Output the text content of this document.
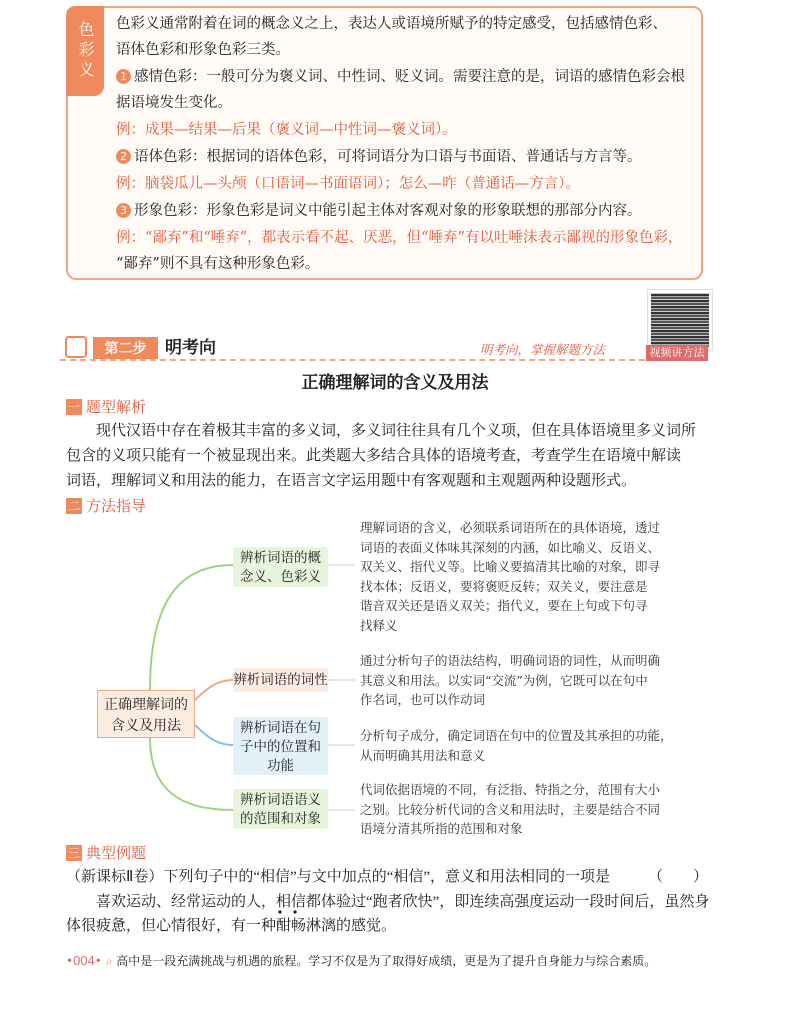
色彩义	色彩义通常附着在词的概念义之上，表达人或语境所赋予的特定感受，包括感情色彩、
语体色彩和形象色彩三类。
1 感情色彩：一般可分为褒义词、中性词、贬义词。需要注意的是，词语的感情色彩会根
据语境发生变化。
例：成果—结果—后果（褒义词—中性词—褒义词）。
2 语体色彩：根据词的语体色彩，可将词语分为口语与书面语、普通话与方言等。
例：脑袋瓜儿—头颅（口语词—书面语词）；怎么—咋（普通话—方言）。
3 形象色彩：形象色彩是词义中能引起主体对客观对象的形象联想的那部分内容。
例：“鄙弃”和“唾弃”，都表示看不起、厌恶，但“唾弃”有以吐唾沫表示鄙视的形象色彩，
“鄙弃”则不具有这种形象色彩。
第二步	明考向	明考向，掌握解题方法	视频讲方法
正确理解词的含义及用法
一 题型解析
　　现代汉语中存在着极其丰富的多义词，多义词往往具有几个义项，但在具体语境里多义词所
包含的义项只能有一个被显现出来。此类题大多结合具体的语境考查，考查学生在语境中解读
词语，理解词义和用法的能力，在语言文字运用题中有客观题和主观题两种设题形式。
二 方法指导
正确理解词的
含义及用法
辨析词语的概
念义、色彩义
辨析词语的词性
辨析词语在句
子中的位置和
功能
辨析词语语义
的范围和对象
理解词语的含义，必须联系词语所在的具体语境，透过
词语的表面义体味其深刻的内涵，如比喻义、反语义、
双关义、指代义等。比喻义要搞清其比喻的对象，即寻
找本体；反语义，要将褒贬反转；双关义，要注意是
谐音双关还是语义双关；指代义，要在上句或下句寻
找释义
通过分析句子的语法结构，明确词语的词性，从而明确
其意义和用法。以实词“交流”为例，它既可以在句中
作名词，也可以作动词
分析句子成分，确定词语在句中的位置及其承担的功能，
从而明确其用法和意义
代词依据语境的不同，有泛指、特指之分，范围有大小
之别。比较分析代词的含义和用法时，主要是结合不同
语境分清其所指的范围和对象
三 典型例题
（新课标Ⅱ卷）下列句子中的“相信”与文中加点的“相信”，意义和用法相同的一项是	（　　）
　　喜欢运动、经常运动的人，相信都体验过“跑者欣快”，即连续高强度运动一段时间后，虽然身
体很疲惫，但心情很好，有一种酣畅淋漓的感觉。
•004• ⌕ 高中是一段充满挑战与机遇的旅程。学习不仅是为了取得好成绩，更是为了提升自身能力与综合素质。
